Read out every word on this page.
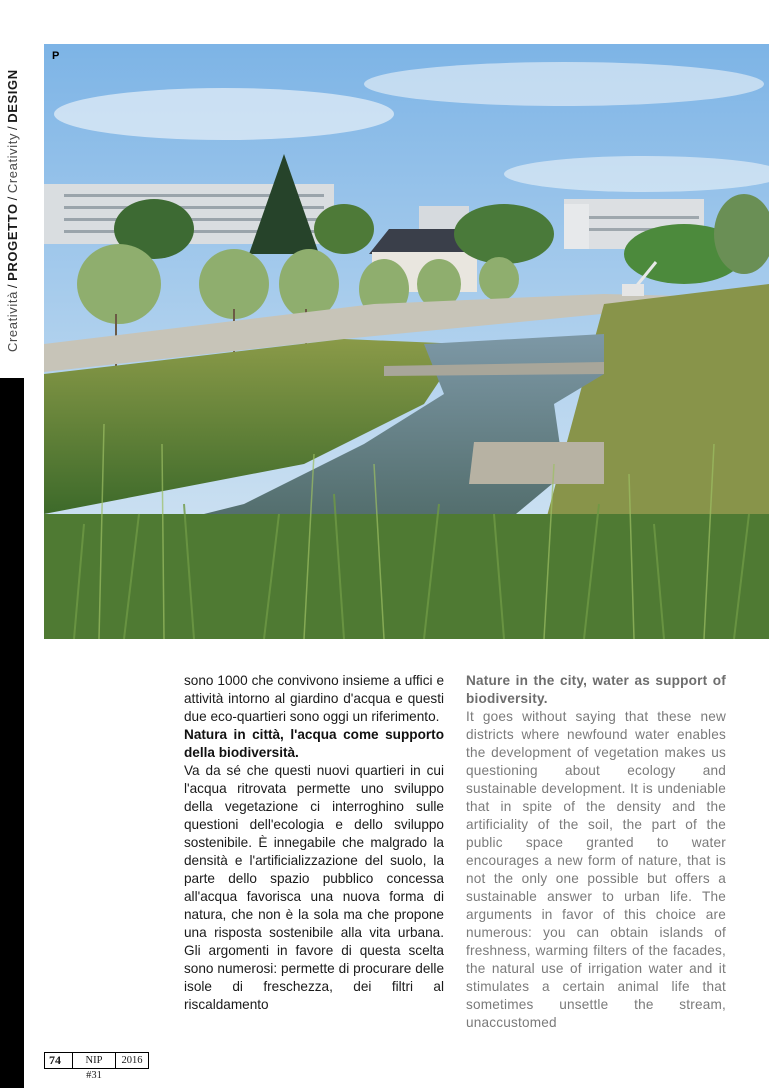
Creatività/PROGETTO/Creativity/DESIGN
P

sono 1000 che convivono insieme a uffici e attività intorno al giardino d'acqua e questi due eco-quartieri sono oggi un riferimento.

Natura in città, l'acqua come supporto della biodiversità.

Va da sé che questi nuovi quartieri in cui l'acqua ritrovata permette uno sviluppo della vegetazione ci interroghino sulle questioni dell'ecologia e dello sviluppo sostenibile. È innegabile che malgrado la densità e l'artificializzazione del suolo, la parte dello spazio pubblico concessa all'acqua favorisca una nuova forma di natura, che non è la sola ma che propone una risposta sostenibile alla vita urbana. Gli argomenti in favore di questa scelta sono numerosi: permette di procurare delle isole di freschezza, dei filtri al riscaldamento

Nature in the city, water as support of biodiversity.

It goes without saying that these new districts where newfound water enables the development of vegetation makes us questioning about ecology and sustainable development. It is undeniable that in spite of the density and the artificiality of the soil, the part of the public space granted to water encourages a new form of nature, that is not the only one possible but offers a sustainable answer to urban life. The arguments in favor of this choice are numerous: you can obtain islands of freshness, warming filters of the facades, the natural use of irrigation water and it stimulates a certain animal life that sometimes unsettle the stream, unaccustomed

74	NIP #31
2016
